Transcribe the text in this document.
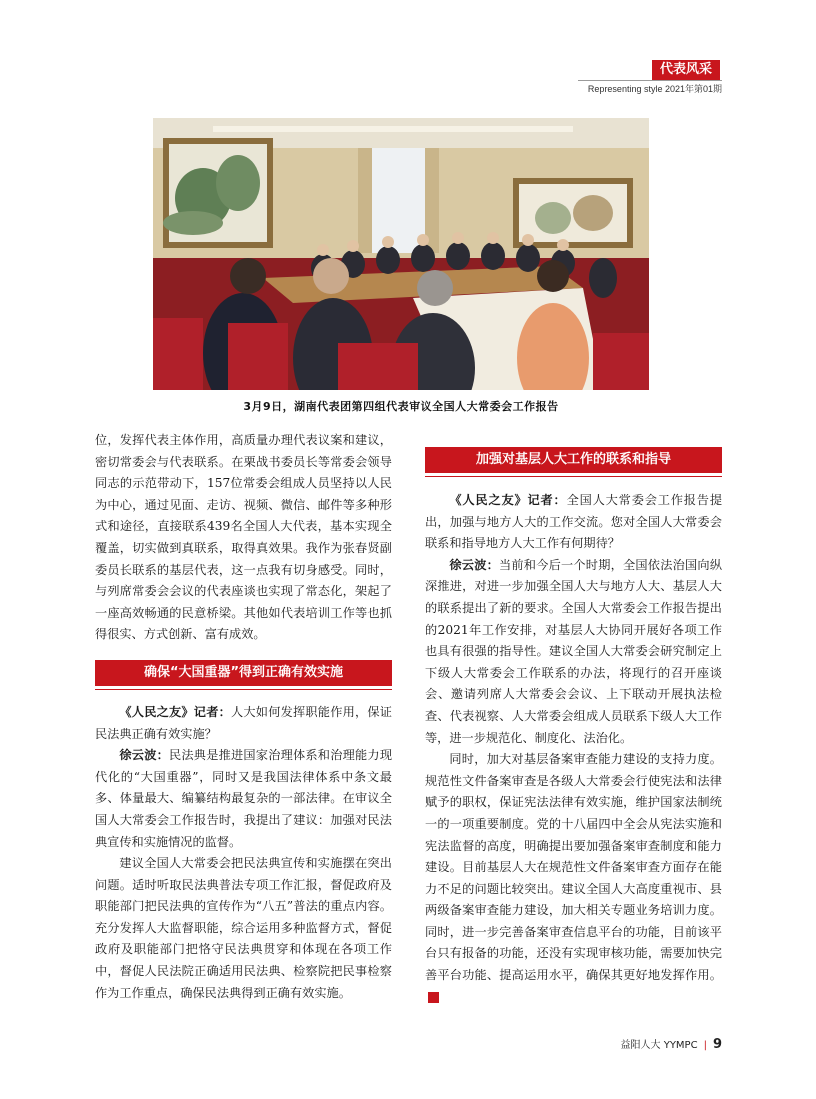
代表风采
Representing style 2021年第01期
3月9日，湖南代表团第四组代表审议全国人大常委会工作报告

位，发挥代表主体作用，高质量办理代表议案和建议，密切常委会与代表联系。在栗战书委员长等常委会领导同志的示范带动下，157位常委会组成人员坚持以人民为中心，通过见面、走访、视频、微信、邮件等多种形式和途径，直接联系439名全国人大代表，基本实现全覆盖，切实做到真联系，取得真效果。我作为张春贤副委员长联系的基层代表，这一点我有切身感受。同时，与列席常委会会议的代表座谈也实现了常态化，架起了一座高效畅通的民意桥梁。其他如代表培训工作等也抓得很实、方式创新、富有成效。

确保“大国重器”得到正确有效实施

《人民之友》记者：人大如何发挥职能作用，保证民法典正确有效实施？

徐云波：民法典是推进国家治理体系和治理能力现代化的“大国重器”，同时又是我国法律体系中条文最多、体量最大、编纂结构最复杂的一部法律。在审议全国人大常委会工作报告时，我提出了建议：加强对民法典宣传和实施情况的监督。

建议全国人大常委会把民法典宣传和实施摆在突出问题。适时听取民法典普法专项工作汇报，督促政府及职能部门把民法典的宣传作为“八五”普法的重点内容。充分发挥人大监督职能，综合运用多种监督方式，督促政府及职能部门把恪守民法典贯穿和体现在各项工作中，督促人民法院正确适用民法典、检察院把民事检察作为工作重点，确保民法典得到正确有效实施。

加强对基层人大工作的联系和指导

《人民之友》记者：全国人大常委会工作报告提出，加强与地方人大的工作交流。您对全国人大常委会联系和指导地方人大工作有何期待？

徐云波：当前和今后一个时期，全国依法治国向纵深推进，对进一步加强全国人大与地方人大、基层人大的联系提出了新的要求。全国人大常委会工作报告提出的2021年工作安排，对基层人大协同开展好各项工作也具有很强的指导性。建议全国人大常委会研究制定上下级人大常委会工作联系的办法，将现行的召开座谈会、邀请列席人大常委会会议、上下联动开展执法检查、代表视察、人大常委会组成人员联系下级人大工作等，进一步规范化、制度化、法治化。

同时，加大对基层备案审查能力建设的支持力度。规范性文件备案审查是各级人大常委会行使宪法和法律赋予的职权，保证宪法法律有效实施，维护国家法制统一的一项重要制度。党的十八届四中全会从宪法实施和宪法监督的高度，明确提出要加强备案审查制度和能力建设。目前基层人大在规范性文件备案审查方面存在能力不足的问题比较突出。建议全国人大高度重视市、县两级备案审查能力建设，加大相关专题业务培训力度。同时，进一步完善备案审查信息平台的功能，目前该平台只有报备的功能，还没有实现审核功能，需要加快完善平台功能、提高运用水平，确保其更好地发挥作用。文

益阳人大 YYMPC | 9
